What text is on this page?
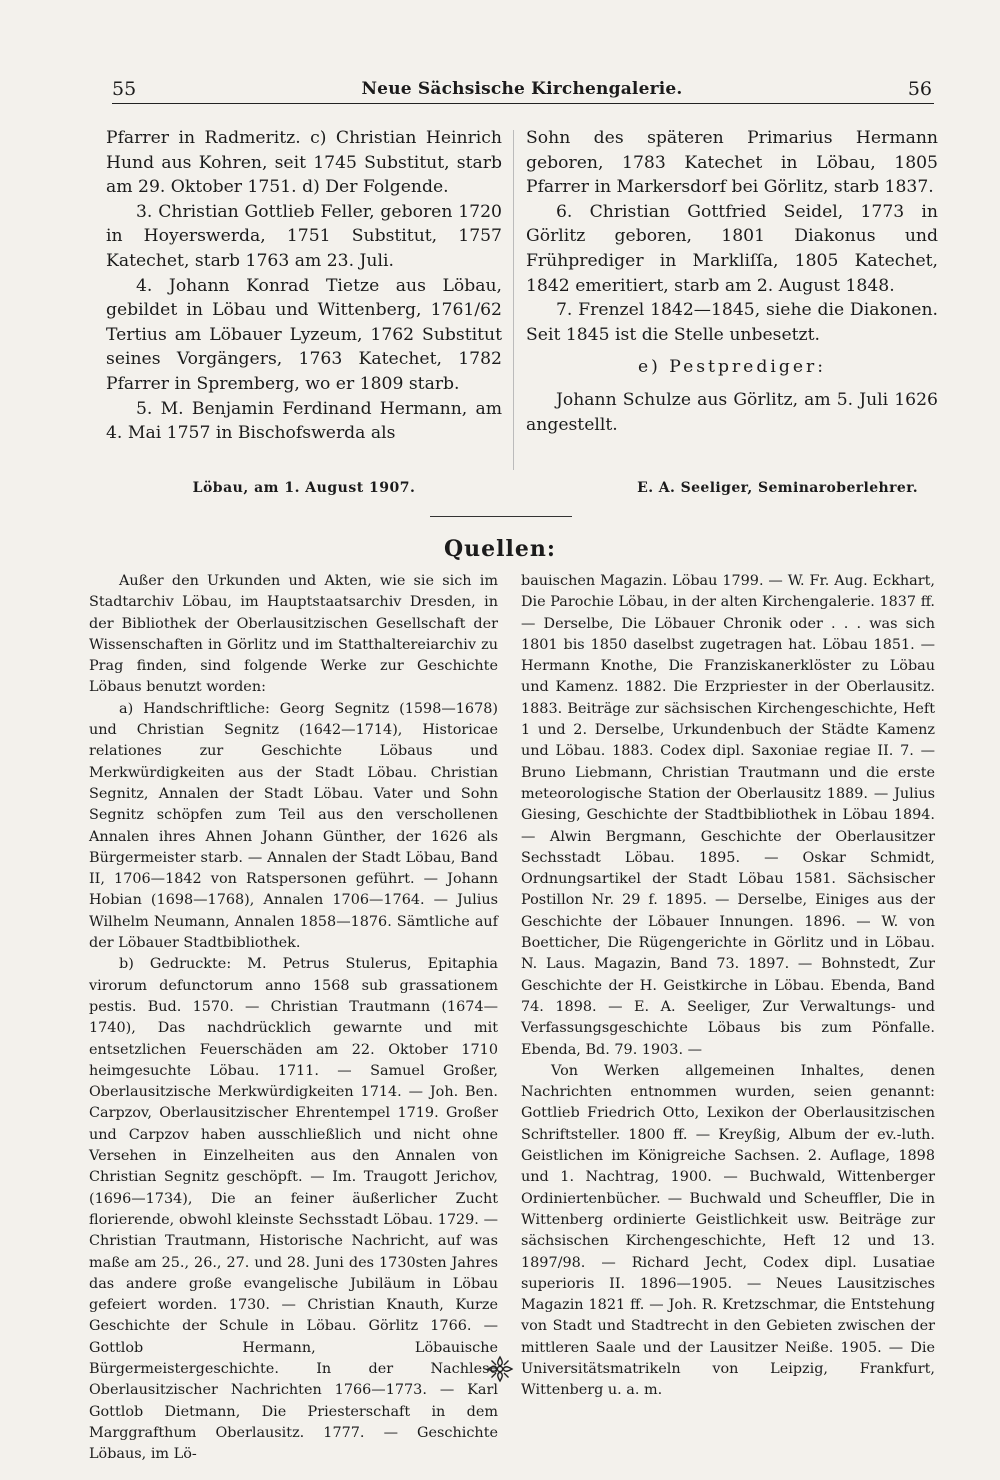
55	Neue Sächsische Kirchengalerie.	56

Pfarrer in Radmeritz. c) Christian Heinrich Hund aus Kohren, seit 1745 Substitut, starb am 29. Oktober 1751. d) Der Folgende.

3. Christian Gottlieb Feller, geboren 1720 in Hoyerswerda, 1751 Substitut, 1757 Katechet, starb 1763 am 23. Juli.

4. Johann Konrad Tietze aus Löbau, gebildet in Löbau und Wittenberg, 1761/62 Tertius am Löbauer Lyzeum, 1762 Substitut seines Vorgängers, 1763 Katechet, 1782 Pfarrer in Spremberg, wo er 1809 starb.

5. M. Benjamin Ferdinand Hermann, am 4. Mai 1757 in Bischofswerda als

Löbau, am 1. August 1907.

Sohn des späteren Primarius Hermann geboren, 1783 Katechet in Löbau, 1805 Pfarrer in Markersdorf bei Görlitz, starb 1837.

6. Christian Gottfried Seidel, 1773 in Görlitz geboren, 1801 Diakonus und Frühprediger in Markliſſa, 1805 Katechet, 1842 emeritiert, starb am 2. August 1848.

7. Frenzel 1842—1845, siehe die Diakonen. Seit 1845 ist die Stelle unbesetzt.

e) Pestprediger:

Johann Schulze aus Görlitz, am 5. Juli 1626 angestellt.

E. A. Seeliger, Seminaroberlehrer.
Quellen:

Außer den Urkunden und Akten, wie sie sich im Stadtarchiv Löbau, im Hauptstaatsarchiv Dresden, in der Bibliothek der Oberlausitzischen Gesellschaft der Wissenschaften in Görlitz und im Statthaltereiarchiv zu Prag finden, sind folgende Werke zur Geschichte Löbaus benutzt worden:

a) Handschriftliche: Georg Segnitz (1598—1678) und Christian Segnitz (1642—1714), Historicae relationes zur Geschichte Löbaus und Merkwürdigkeiten aus der Stadt Löbau. Christian Segnitz, Annalen der Stadt Löbau. Vater und Sohn Segnitz schöpfen zum Teil aus den verschollenen Annalen ihres Ahnen Johann Günther, der 1626 als Bürgermeister starb. — Annalen der Stadt Löbau, Band II, 1706—1842 von Ratspersonen geführt. — Johann Hobian (1698—1768), Annalen 1706—1764. — Julius Wilhelm Neumann, Annalen 1858—1876. Sämtliche auf der Löbauer Stadtbibliothek.

b) Gedruckte: M. Petrus Stulerus, Epitaphia virorum defunctorum anno 1568 sub grassationem pestis. Bud. 1570. — Christian Trautmann (1674—1740), Das nachdrücklich gewarnte und mit entsetzlichen Feuerschäden am 22. Oktober 1710 heimgesuchte Löbau. 1711. — Samuel Großer, Oberlausitzische Merkwürdigkeiten 1714. — Joh. Ben. Carpzov, Oberlausitzischer Ehrentempel 1719. Großer und Carpzov haben ausschließlich und nicht ohne Versehen in Einzelheiten aus den Annalen von Christian Segnitz geschöpft. — Im. Traugott Jerichov, (1696—1734), Die an feiner äußerlicher Zucht florierende, obwohl kleinste Sechsstadt Löbau. 1729. — Christian Trautmann, Historische Nachricht, auf was maße am 25., 26., 27. und 28. Juni des 1730sten Jahres das andere große evangelische Jubiläum in Löbau gefeiert worden. 1730. — Christian Knauth, Kurze Geschichte der Schule in Löbau. Görlitz 1766. — Gottlob Hermann, Löbauische Bürgermeistergeschichte. In der Nachlese Oberlausitzischer Nachrichten 1766—1773. — Karl Gottlob Dietmann, Die Priesterschaft in dem Marggrafthum Oberlausitz. 1777. — Geschichte Löbaus, im Lö-

bauischen Magazin. Löbau 1799. — W. Fr. Aug. Eckhart, Die Parochie Löbau, in der alten Kirchengalerie. 1837 ff. — Derselbe, Die Löbauer Chronik oder . . . was sich 1801 bis 1850 daselbst zugetragen hat. Löbau 1851. — Hermann Knothe, Die Franziskanerklöster zu Löbau und Kamenz. 1882. Die Erzpriester in der Oberlausitz. 1883. Beiträge zur sächsischen Kirchengeschichte, Heft 1 und 2. Derselbe, Urkundenbuch der Städte Kamenz und Löbau. 1883. Codex dipl. Saxoniae regiae II. 7. — Bruno Liebmann, Christian Trautmann und die erste meteorologische Station der Oberlausitz 1889. — Julius Giesing, Geschichte der Stadtbibliothek in Löbau 1894. — Alwin Bergmann, Geschichte der Oberlausitzer Sechsstadt Löbau. 1895. — Oskar Schmidt, Ordnungsartikel der Stadt Löbau 1581. Sächsischer Postillon Nr. 29 f. 1895. — Derselbe, Einiges aus der Geschichte der Löbauer Innungen. 1896. — W. von Boetticher, Die Rügengerichte in Görlitz und in Löbau. N. Laus. Magazin, Band 73. 1897. — Bohnstedt, Zur Geschichte der H. Geistkirche in Löbau. Ebenda, Band 74. 1898. — E. A. Seeliger, Zur Verwaltungs- und Verfassungsgeschichte Löbaus bis zum Pönfalle. Ebenda, Bd. 79. 1903. —

Von Werken allgemeinen Inhaltes, denen Nachrichten entnommen wurden, seien genannt: Gottlieb Friedrich Otto, Lexikon der Oberlausitzischen Schriftsteller. 1800 ff. — Kreyßig, Album der ev.-luth. Geistlichen im Königreiche Sachsen. 2. Auflage, 1898 und 1. Nachtrag, 1900. — Buchwald, Wittenberger Ordiniertenbücher. — Buchwald und Scheuffler, Die in Wittenberg ordinierte Geistlichkeit usw. Beiträge zur sächsischen Kirchengeschichte, Heft 12 und 13. 1897/98. — Richard Jecht, Codex dipl. Lusatiae superioris II. 1896—1905. — Neues Lausitzisches Magazin 1821 ff. — Joh. R. Kretzschmar, die Entstehung von Stadt und Stadtrecht in den Gebieten zwischen der mittleren Saale und der Lausitzer Neiße. 1905. — Die Universitätsmatrikeln von Leipzig, Frankfurt, Wittenberg u. a. m.
